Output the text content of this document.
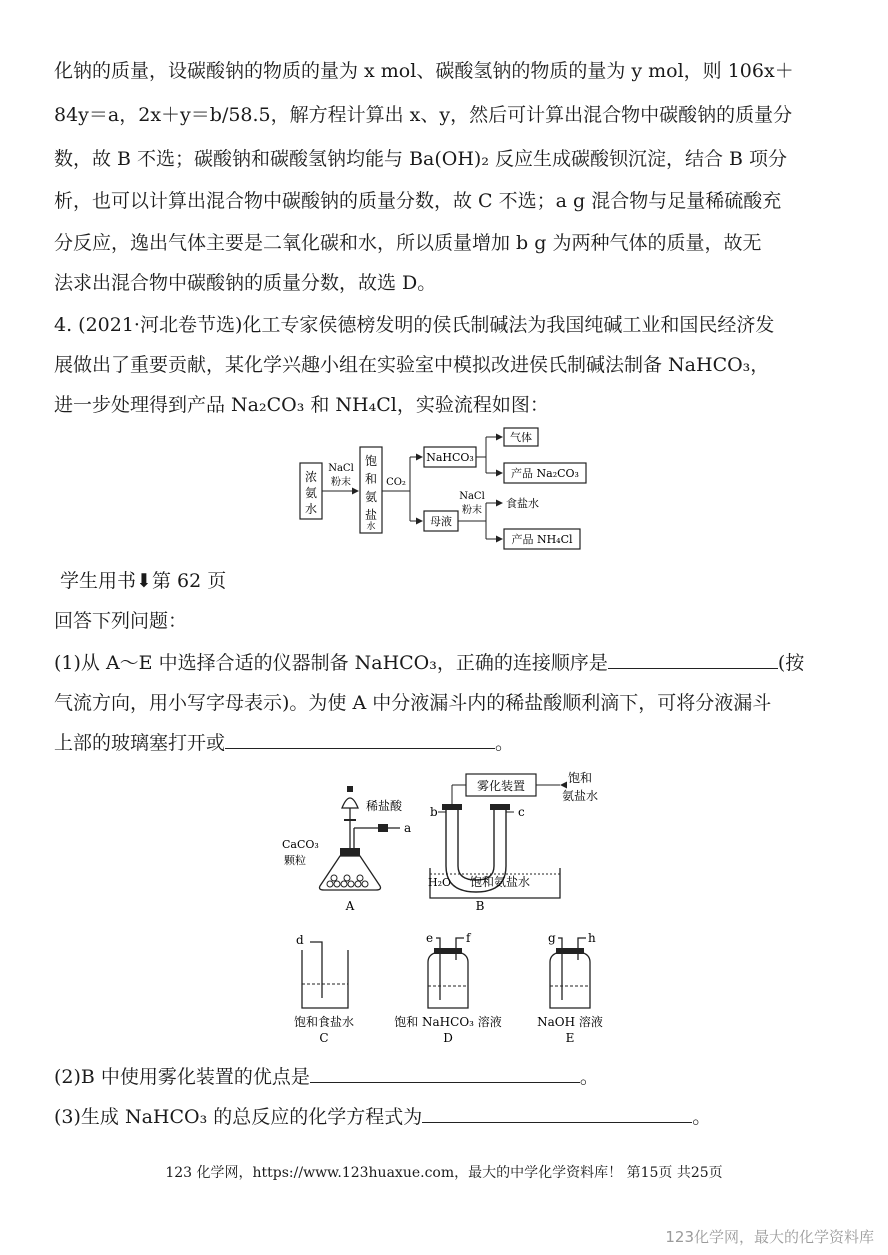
化钠的质量，设碳酸钠的物质的量为 x mol、碳酸氢钠的物质的量为 y mol，则 106x＋
84y＝a，2x＋y＝b/58.5，解方程计算出 x、y，然后可计算出混合物中碳酸钠的质量分
数，故 B 不选；碳酸钠和碳酸氢钠均能与 Ba(OH)₂ 反应生成碳酸钡沉淀，结合 B 项分
析，也可以计算出混合物中碳酸钠的质量分数，故 C 不选；a g 混合物与足量稀硫酸充
分反应，逸出气体主要是二氧化碳和水，所以质量增加 b g 为两种气体的质量，故无
法求出混合物中碳酸钠的质量分数，故选 D。
4. (2021·河北卷节选)化工专家侯德榜发明的侯氏制碱法为我国纯碱工业和国民经济发
展做出了重要贡献，某化学兴趣小组在实验室中模拟改进侯氏制碱法制备 NaHCO₃，
进一步处理得到产品 Na₂CO₃ 和 NH₄Cl，实验流程如图：
浓
氨
水
NaCl
粉末
饱
和
氨
盐
水
CO₂
NaHCO₃
气体
产品 Na₂CO₃
母液
NaCl
粉末
食盐水
产品 NH₄Cl
学生用书⬇第 62 页
回答下列问题：
(1)从 A～E 中选择合适的仪器制备 NaHCO₃，正确的连接顺序是	(按
气流方向，用小写字母表示)。为使 A 中分液漏斗内的稀盐酸顺利滴下，可将分液漏斗
上部的玻璃塞打开或	。
稀盐酸
a
CaCO₃
颗粒
A
雾化装置
饱和
氨盐水
b	c
H₂O 饱和氨盐水
B
d
饱和食盐水
C
e	f
饱和 NaHCO₃ 溶液
D
g	h
NaOH 溶液
E
(2)B 中使用雾化装置的优点是	。
(3)生成 NaHCO₃ 的总反应的化学方程式为	。
123 化学网，https://www.123huaxue.com，最大的中学化学资料库！ 第15页 共25页
123化学网，最大的化学资料库
